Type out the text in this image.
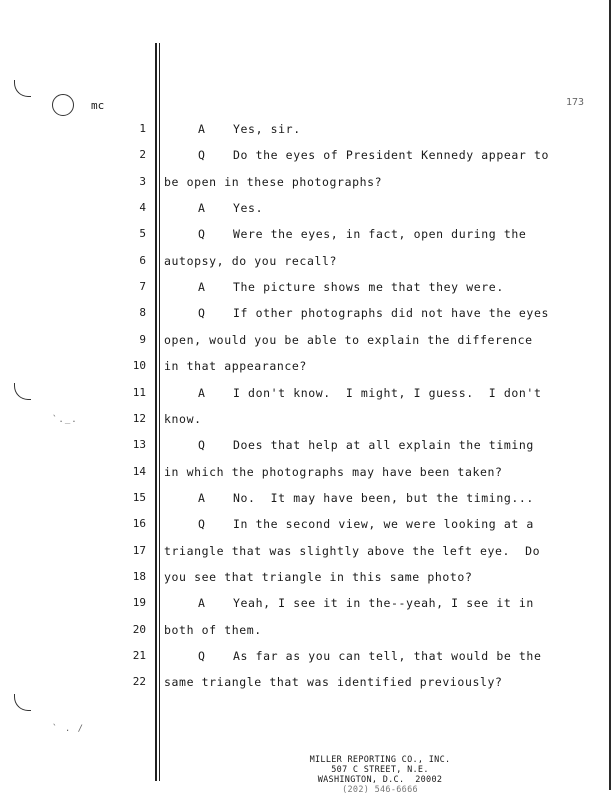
`._.
` . /
mc	173
1	A Yes, sir.
2	Q Do the eyes of President Kennedy appear to
3 be open in these photographs?
4	A Yes.
5	Q Were the eyes, in fact, open during the
6 autopsy, do you recall?
7	A The picture shows me that they were.
8	Q If other photographs did not have the eyes
9 open, would you be able to explain the difference
10 in that appearance?
11	A I don't know.  I might, I guess.  I don't
12 know.
13	Q Does that help at all explain the timing
14 in which the photographs may have been taken?
15	A No.  It may have been, but the timing...
16	Q In the second view, we were looking at a
17 triangle that was slightly above the left eye.  Do
18 you see that triangle in this same photo?
19	A Yeah, I see it in the--yeah, I see it in
20 both of them.
21	Q As far as you can tell, that would be the
22 same triangle that was identified previously?
MILLER REPORTING CO., INC.
507 C STREET, N.E.
WASHINGTON, D.C.  20002
(202) 546-6666
